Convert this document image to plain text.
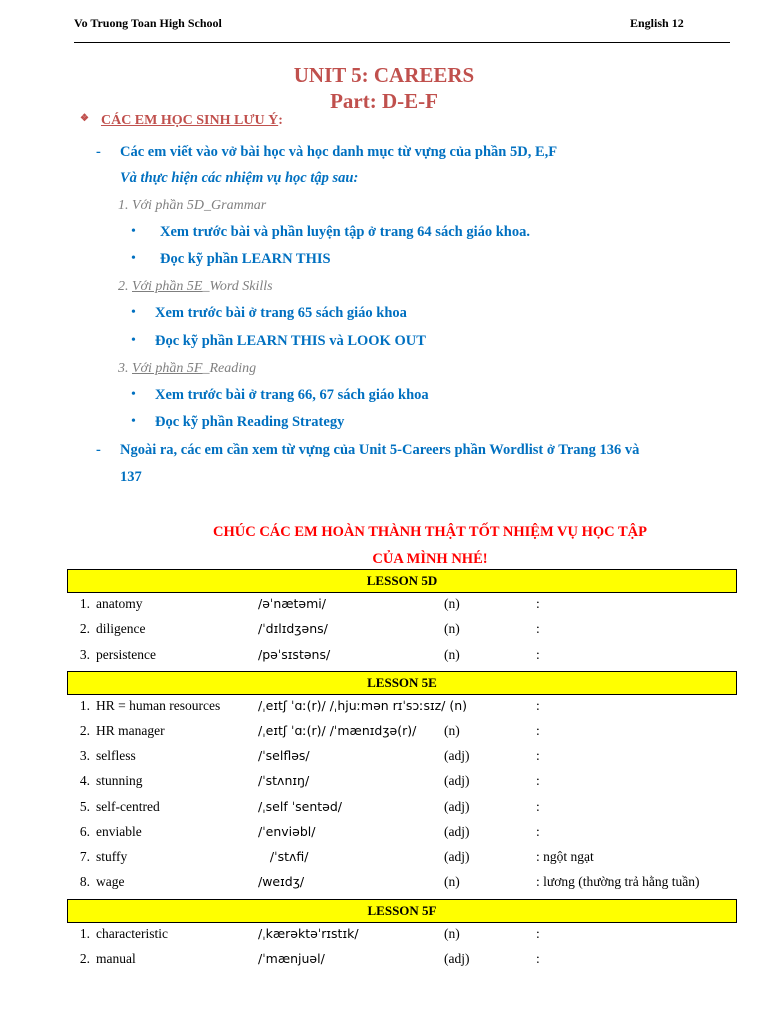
Vo Truong Toan High School	English 12
UNIT 5: CAREERS
Part: D-E-F
❖ CÁC EM HỌC SINH LƯU Ý:
- Các em viết vào vở bài học và học danh mục từ vựng của phần 5D, E,F
Và thực hiện các nhiệm vụ học tập sau:
1. Với phần 5D_Grammar
• Xem trước bài và phần luyện tập ở trang 64 sách giáo khoa.
• Đọc kỹ phần LEARN THIS
2. Với phần 5E_Word Skills
• Xem trước bài ở trang 65 sách giáo khoa
• Đọc kỹ phần LEARN THIS và LOOK OUT
3. Với phần 5F_Reading
• Xem trước bài ở trang 66, 67 sách giáo khoa
• Đọc kỹ phần Reading Strategy
- Ngoài ra, các em cần xem từ vựng của Unit 5-Careers phần Wordlist ở Trang 136 và
137
CHÚC CÁC EM HOÀN THÀNH THẬT TỐT NHIỆM VỤ HỌC TẬP
CỦA MÌNH NHÉ!
LESSON 5D
1. anatomy	/əˈnætəmi/	(n)	:
2. diligence	/ˈdɪlɪdʒəns/	(n)	:
3. persistence	/pəˈsɪstəns/	(n)	:
LESSON 5E
1. HR = human resources	/ˌeɪtʃ ˈɑː(r)/ /ˌhjuːmən rɪˈsɔːsɪz/ (n)	:
2. HR manager	/ˌeɪtʃ ˈɑː(r)/ /ˈmænɪdʒə(r)/ (n)	:
3. selfless	/ˈselfləs/	(adj)	:
4. stunning	/ˈstʌnɪŋ/	(adj)	:
5. self-centred	/ˌself ˈsentəd/	(adj)	:
6. enviable	/ˈenviəbl/	(adj)	:
7. stuffy	/ˈstʌfi/	(adj)	: ngột ngạt
8. wage	/weɪdʒ/	(n)	: lương (thường trả hằng tuần)
LESSON 5F
1. characteristic	/ˌkærəktəˈrɪstɪk/	(n)	:
2. manual	/ˈmænjuəl/	(adj)	:
